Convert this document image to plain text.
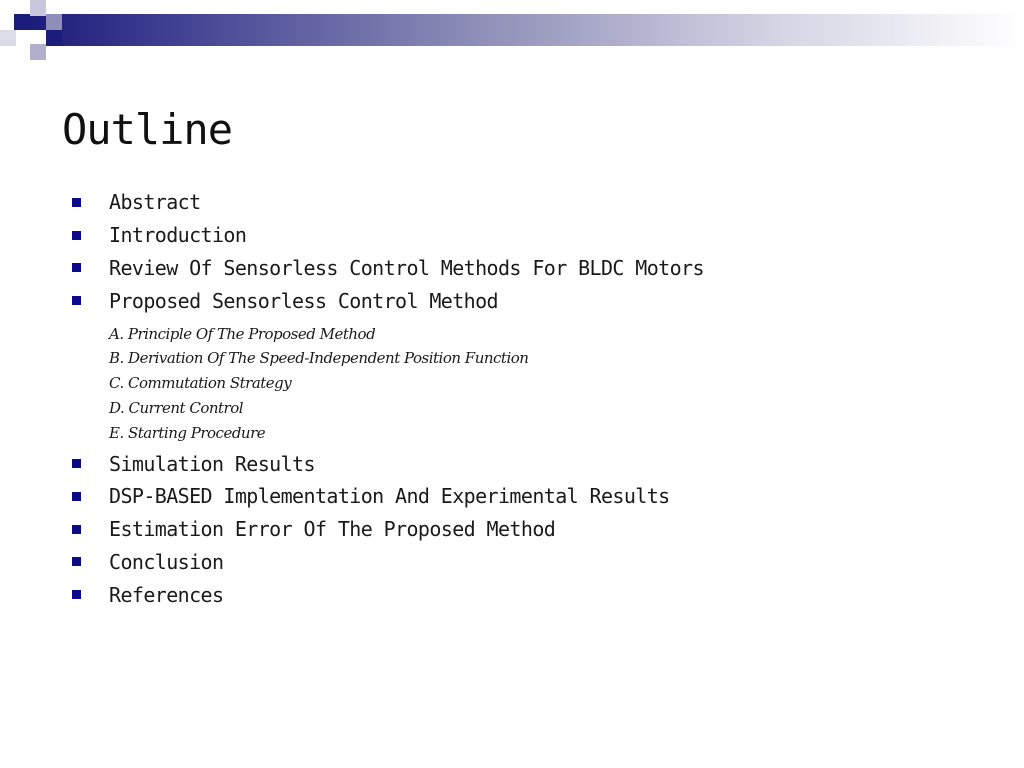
Outline
Abstract
Introduction
Review Of Sensorless Control Methods For BLDC Motors
Proposed Sensorless Control Method
A. Principle Of The Proposed Method
B. Derivation Of The Speed-Independent Position Function
C. Commutation Strategy
D. Current Control
E. Starting Procedure
Simulation Results
DSP-BASED Implementation And Experimental Results
Estimation Error Of The Proposed Method
Conclusion
References
